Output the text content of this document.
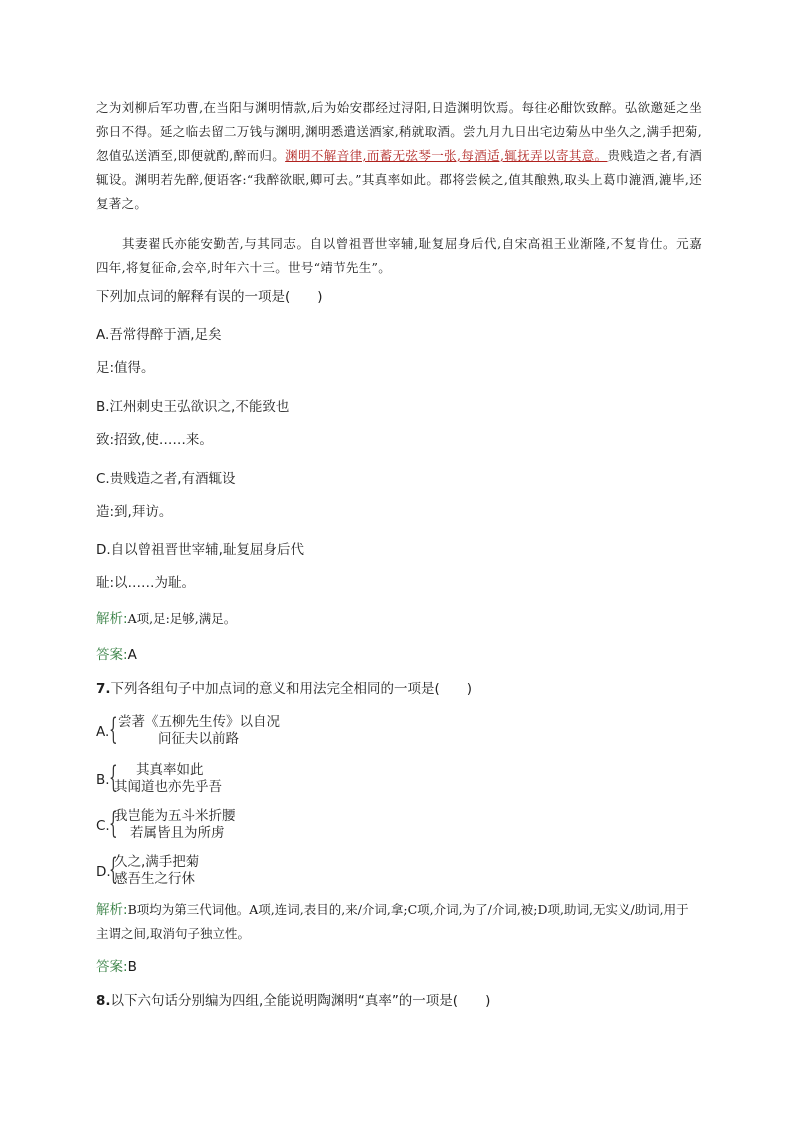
之为刘柳后军功曹,在当阳与渊明情款,后为始安郡经过浔阳,日造渊明饮焉。每往必酣饮致醉。弘欲邀延之坐弥日不得。延之临去留二万钱与渊明,渊明悉遣送酒家,稍就取酒。尝九月九日出宅边菊丛中坐久之,满手把菊,忽值弘送酒至,即便就酌,醉而归。渊明不解音律,而蓄无弦琴一张,每酒适,辄抚弄以寄其意。贵贱造之者,有酒辄设。渊明若先醉,便语客:“我醉欲眠,卿可去。”其真率如此。郡将尝候之,值其酿熟,取头上葛巾漉酒,漉毕,还复著之。
其妻翟氏亦能安勤苦,与其同志。自以曾祖晋世宰辅,耻复屈身后代,自宋高祖王业渐隆,不复肯仕。元嘉四年,将复征命,会卒,时年六十三。世号“靖节先生”。
下列加点词的解释有误的一项是(　　)
A.吾常得醉于酒,足矣
足:值得。
B.江州刺史王弘欲识之,不能致也
致:招致,使……来。
C.贵贱造之者,有酒辄设
造:到,拜访。
D.自以曾祖晋世宰辅,耻复屈身后代
耻:以……为耻。
解析:A项,足:足够,满足。
答案:A
7.下列各组句子中加点词的意义和用法完全相同的一项是(　　)
A. { 尝著《五柳先生传》以自况
问征夫以前路
B. { 其真率如此
其闻道也亦先乎吾
C. {
我岂能为五斗米折腰
若属皆且为所虏
D.
{
久之,满手把菊
感吾生之行休
解析:B项均为第三代词他。A项,连词,表目的,来/介词,拿;C项,介词,为了/介词,被;D项,助词,无实义/助词,用于主谓之间,取消句子独立性。
答案:B
8.以下六句话分别编为四组,全能说明陶渊明“真率”的一项是(　　)
